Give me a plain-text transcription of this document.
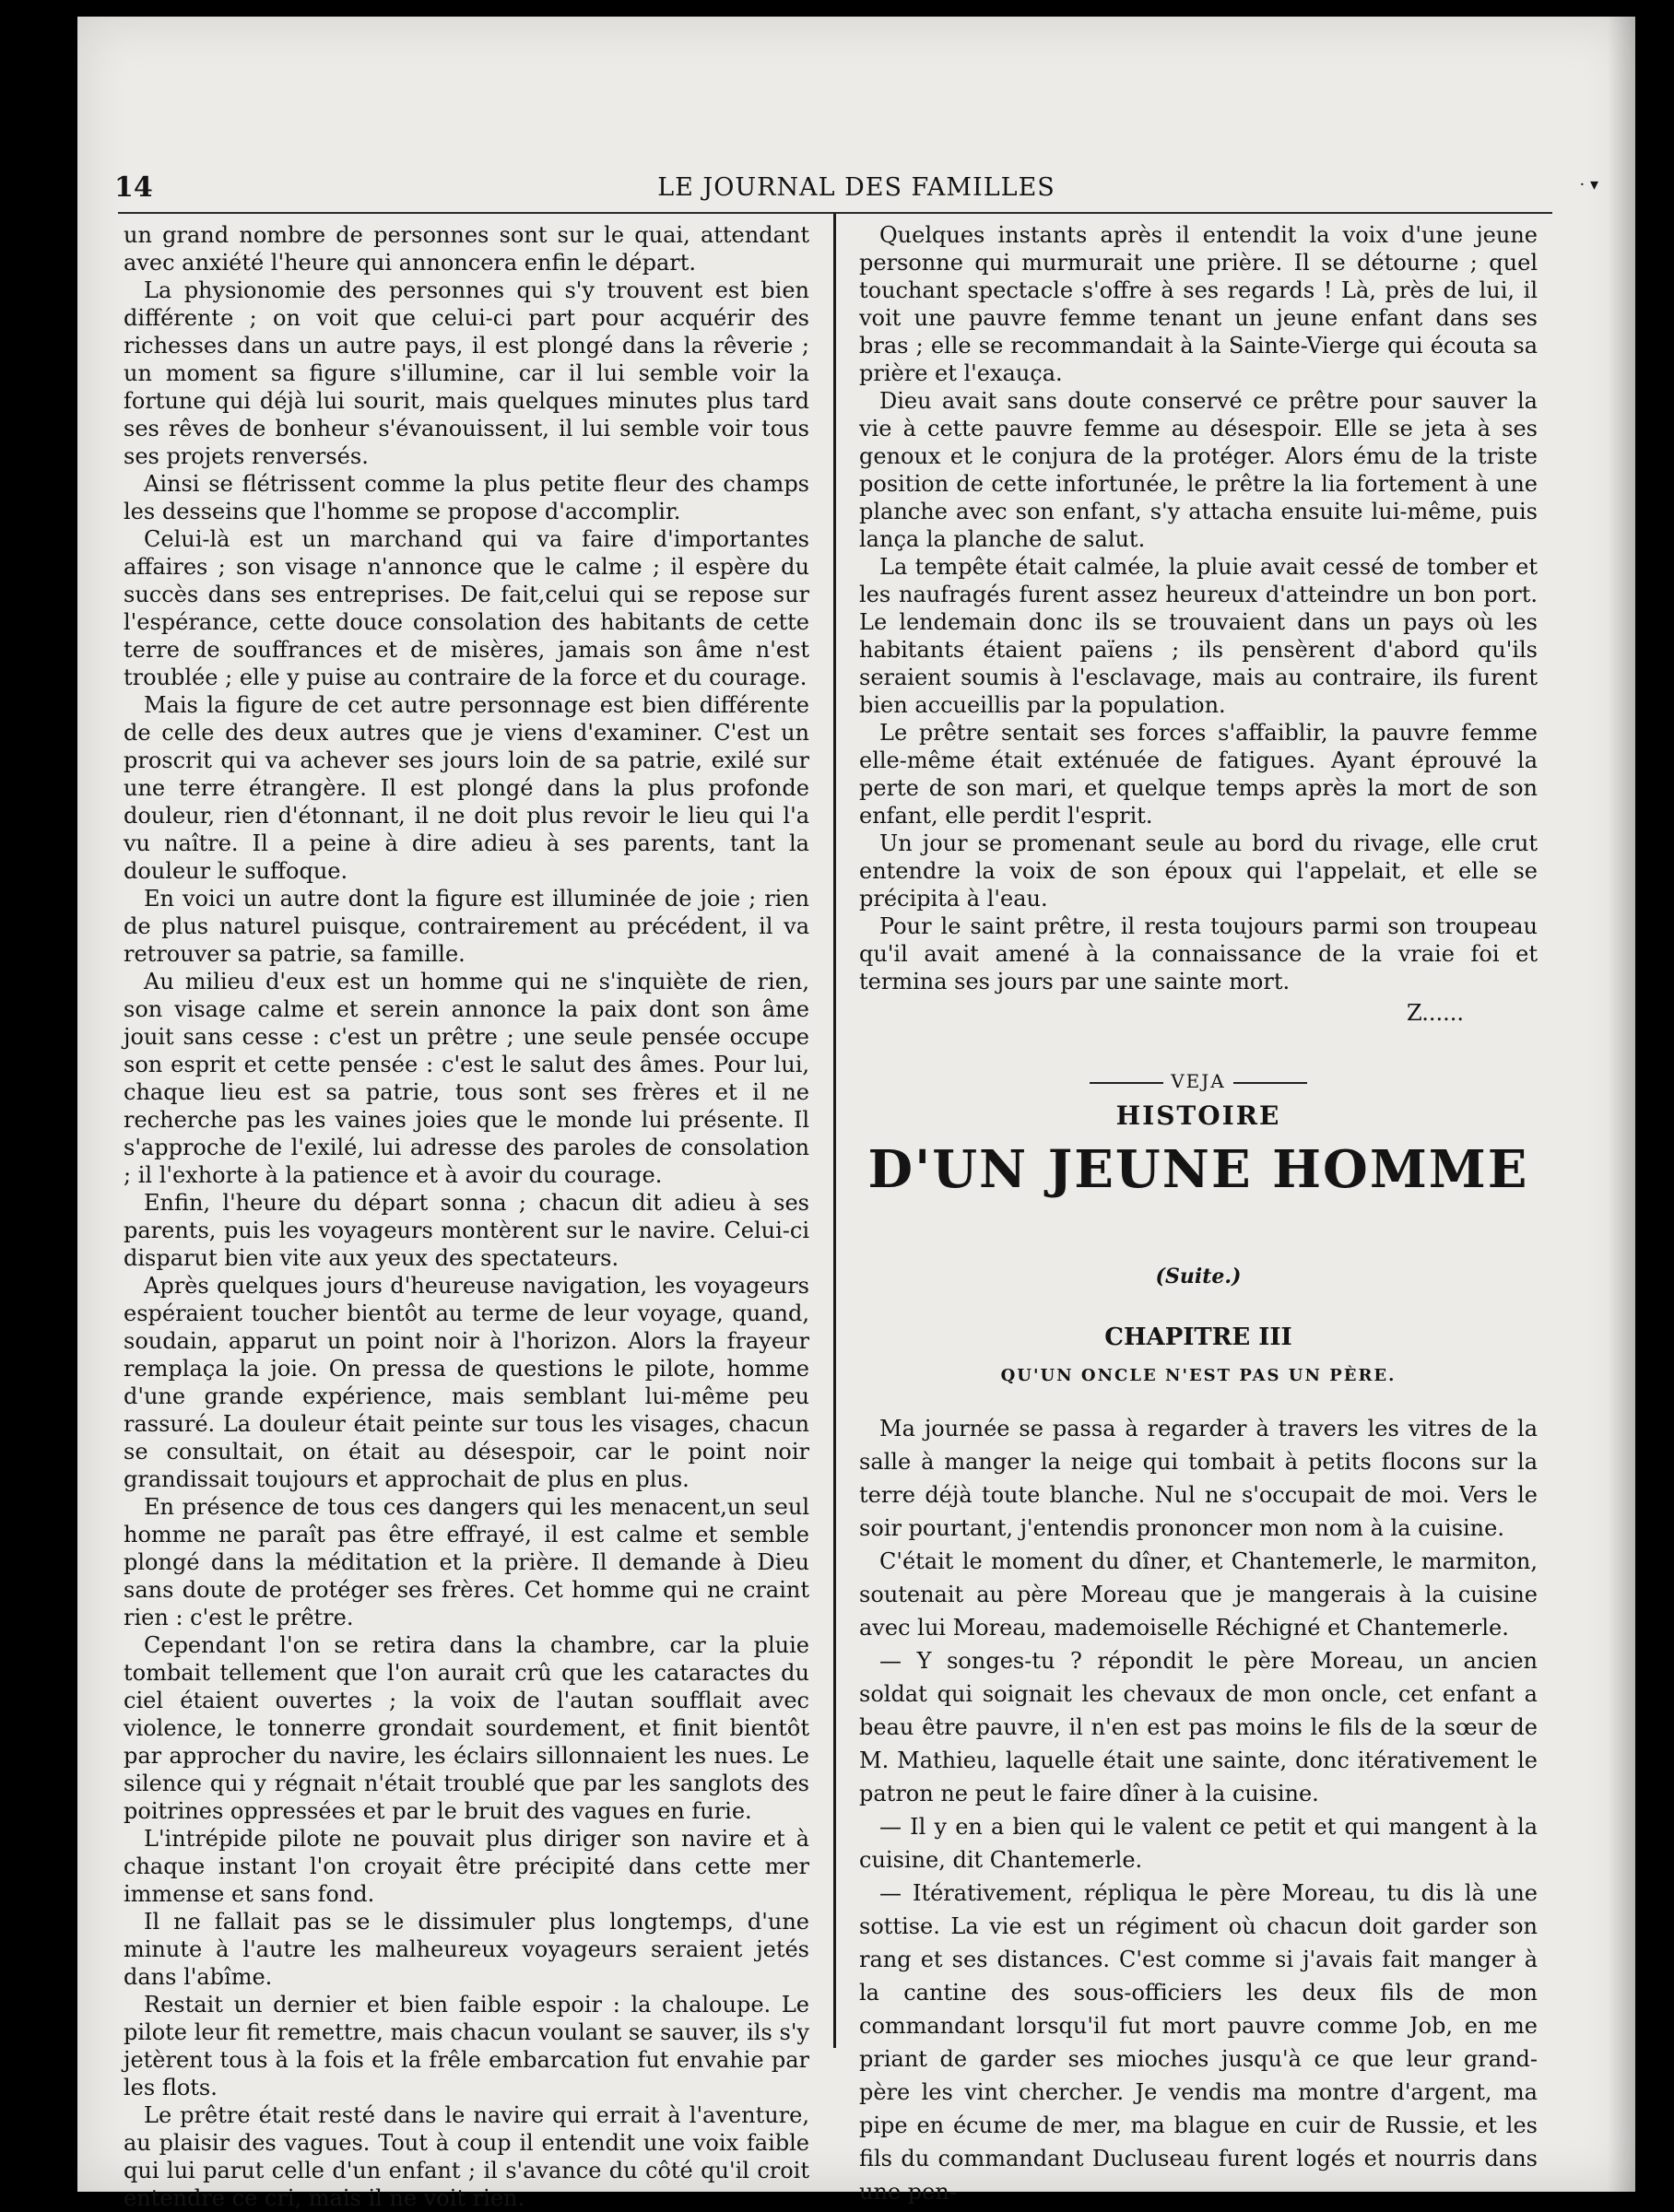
14	LE JOURNAL DES FAMILLES	· ▾

un grand nombre de personnes sont sur le quai, attendant avec anxiété l'heure qui annoncera enfin le départ.

La physionomie des personnes qui s'y trouvent est bien différente ; on voit que celui-ci part pour acquérir des richesses dans un autre pays, il est plongé dans la rêverie ; un moment sa figure s'illumine, car il lui semble voir la fortune qui déjà lui sourit, mais quelques minutes plus tard ses rêves de bonheur s'évanouissent, il lui semble voir tous ses projets renversés.

Ainsi se flétrissent comme la plus petite fleur des champs les desseins que l'homme se propose d'accomplir.

Celui-là est un marchand qui va faire d'importantes affaires ; son visage n'annonce que le calme ; il espère du succès dans ses entreprises. De fait,celui qui se repose sur l'espérance, cette douce consolation des habitants de cette terre de souffrances et de misères, jamais son âme n'est troublée ; elle y puise au contraire de la force et du courage.

Mais la figure de cet autre personnage est bien différente de celle des deux autres que je viens d'examiner. C'est un proscrit qui va achever ses jours loin de sa patrie, exilé sur une terre étrangère. Il est plongé dans la plus profonde douleur, rien d'étonnant, il ne doit plus revoir le lieu qui l'a vu naître. Il a peine à dire adieu à ses parents, tant la douleur le suffoque.

En voici un autre dont la figure est illuminée de joie ; rien de plus naturel puisque, contrairement au précédent, il va retrouver sa patrie, sa famille.

Au milieu d'eux est un homme qui ne s'inquiète de rien, son visage calme et serein annonce la paix dont son âme jouit sans cesse : c'est un prêtre ; une seule pensée occupe son esprit et cette pensée : c'est le salut des âmes. Pour lui, chaque lieu est sa patrie, tous sont ses frères et il ne recherche pas les vaines joies que le monde lui présente. Il s'approche de l'exilé, lui adresse des paroles de consolation ; il l'exhorte à la patience et à avoir du courage.

Enfin, l'heure du départ sonna ; chacun dit adieu à ses parents, puis les voyageurs montèrent sur le navire. Celui-ci disparut bien vite aux yeux des spectateurs.

Après quelques jours d'heureuse navigation, les voyageurs espéraient toucher bientôt au terme de leur voyage, quand, soudain, apparut un point noir à l'horizon. Alors la frayeur remplaça la joie. On pressa de questions le pilote, homme d'une grande expérience, mais semblant lui-même peu rassuré. La douleur était peinte sur tous les visages, chacun se consultait, on était au désespoir, car le point noir grandissait toujours et approchait de plus en plus.

En présence de tous ces dangers qui les menacent,un seul homme ne paraît pas être effrayé, il est calme et semble plongé dans la méditation et la prière. Il demande à Dieu sans doute de protéger ses frères. Cet homme qui ne craint rien : c'est le prêtre.

Cependant l'on se retira dans la chambre, car la pluie tombait tellement que l'on aurait crû que les cataractes du ciel étaient ouvertes ; la voix de l'autan soufflait avec violence, le tonnerre grondait sourdement, et finit bientôt par approcher du navire, les éclairs sillonnaient les nues. Le silence qui y régnait n'était troublé que par les sanglots des poitrines oppressées et par le bruit des vagues en furie.

L'intrépide pilote ne pouvait plus diriger son navire et à chaque instant l'on croyait être précipité dans cette mer immense et sans fond.

Il ne fallait pas se le dissimuler plus longtemps, d'une minute à l'autre les malheureux voyageurs seraient jetés dans l'abîme.

Restait un dernier et bien faible espoir : la chaloupe. Le pilote leur fit remettre, mais chacun voulant se sauver, ils s'y jetèrent tous à la fois et la frêle embarcation fut envahie par les flots.

Le prêtre était resté dans le navire qui errait à l'aventure, au plaisir des vagues. Tout à coup il entendit une voix faible qui lui parut celle d'un enfant ; il s'avance du côté qu'il croit entendre ce cri, mais il ne voit rien.

Quelques instants après il entendit la voix d'une jeune personne qui murmurait une prière. Il se détourne ; quel touchant spectacle s'offre à ses regards ! Là, près de lui, il voit une pauvre femme tenant un jeune enfant dans ses bras ; elle se recommandait à la Sainte-Vierge qui écouta sa prière et l'exauça.

Dieu avait sans doute conservé ce prêtre pour sauver la vie à cette pauvre femme au désespoir. Elle se jeta à ses genoux et le conjura de la protéger. Alors ému de la triste position de cette infortunée, le prêtre la lia fortement à une planche avec son enfant, s'y attacha ensuite lui-même, puis lança la planche de salut.

La tempête était calmée, la pluie avait cessé de tomber et les naufragés furent assez heureux d'atteindre un bon port. Le lendemain donc ils se trouvaient dans un pays où les habitants étaient païens ; ils pensèrent d'abord qu'ils seraient soumis à l'esclavage, mais au contraire, ils furent bien accueillis par la population.

Le prêtre sentait ses forces s'affaiblir, la pauvre femme elle-même était exténuée de fatigues. Ayant éprouvé la perte de son mari, et quelque temps après la mort de son enfant, elle perdit l'esprit.

Un jour se promenant seule au bord du rivage, elle crut entendre la voix de son époux qui l'appelait, et elle se précipita à l'eau.

Pour le saint prêtre, il resta toujours parmi son troupeau qu'il avait amené à la connaissance de la vraie foi et termina ses jours par une sainte mort.

Z......
VEJA
HISTOIRE
D'UN JEUNE HOMME
(Suite.)
CHAPITRE III
QU'UN ONCLE N'EST PAS UN PÈRE.

Ma journée se passa à regarder à travers les vitres de la salle à manger la neige qui tombait à petits flocons sur la terre déjà toute blanche. Nul ne s'occupait de moi. Vers le soir pourtant, j'entendis prononcer mon nom à la cuisine.

C'était le moment du dîner, et Chantemerle, le marmiton, soutenait au père Moreau que je mangerais à la cuisine avec lui Moreau, mademoiselle Réchigné et Chantemerle.

— Y songes-tu ? répondit le père Moreau, un ancien soldat qui soignait les chevaux de mon oncle, cet enfant a beau être pauvre, il n'en est pas moins le fils de la sœur de M. Mathieu, laquelle était une sainte, donc itérativement le patron ne peut le faire dîner à la cuisine.

— Il y en a bien qui le valent ce petit et qui mangent à la cuisine, dit Chantemerle.

— Itérativement, répliqua le père Moreau, tu dis là une sottise. La vie est un régiment où chacun doit garder son rang et ses distances. C'est comme si j'avais fait manger à la cantine des sous-officiers les deux fils de mon commandant lorsqu'il fut mort pauvre comme Job, en me priant de garder ses mioches jusqu'à ce que leur grand-père les vint chercher. Je vendis ma montre d'argent, ma pipe en écume de mer, ma blague en cuir de Russie, et les fils du commandant Ducluseau furent logés et nourris dans une pen-
